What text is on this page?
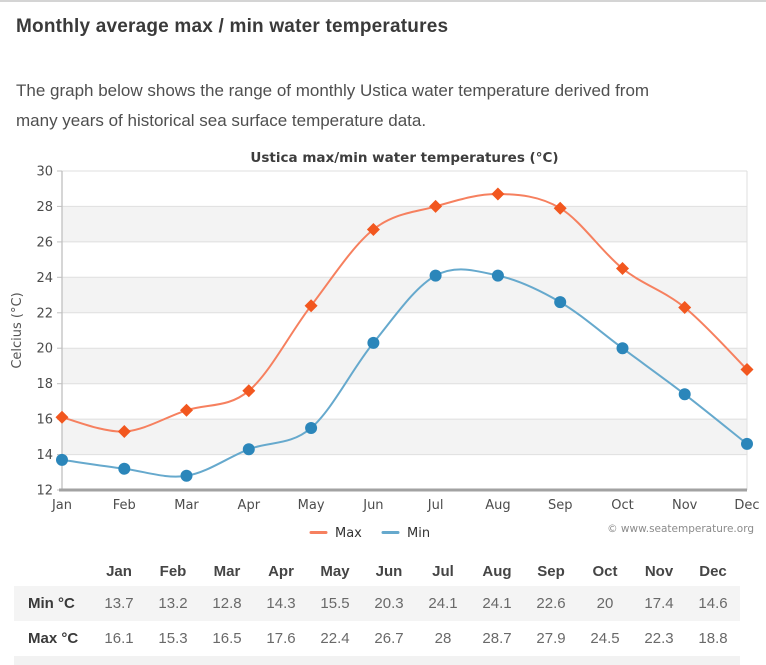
Monthly average max / min water temperatures

The graph below shows the range of monthly Ustica water temperature derived from
many years of historical sea surface temperature data.

12
14
16
18
20
22
24
26
28
30
Jan	Feb	Mar	Apr	May	Jun	Jul	Aug	Sep	Oct	Nov	Dec
Ustica max/min water temperatures (°C)
Celcius (°C)
Max	Min	© www.seatemperature.org
	Jan	Feb	Mar	Apr	May	Jun	Jul	Aug	Sep	Oct	Nov	Dec
Min °C	13.7	13.2	12.8	14.3	15.5	20.3	24.1	24.1	22.6	20	17.4	14.6
Max °C	16.1	15.3	16.5	17.6	22.4	26.7	28	28.7	27.9	24.5	22.3	18.8
